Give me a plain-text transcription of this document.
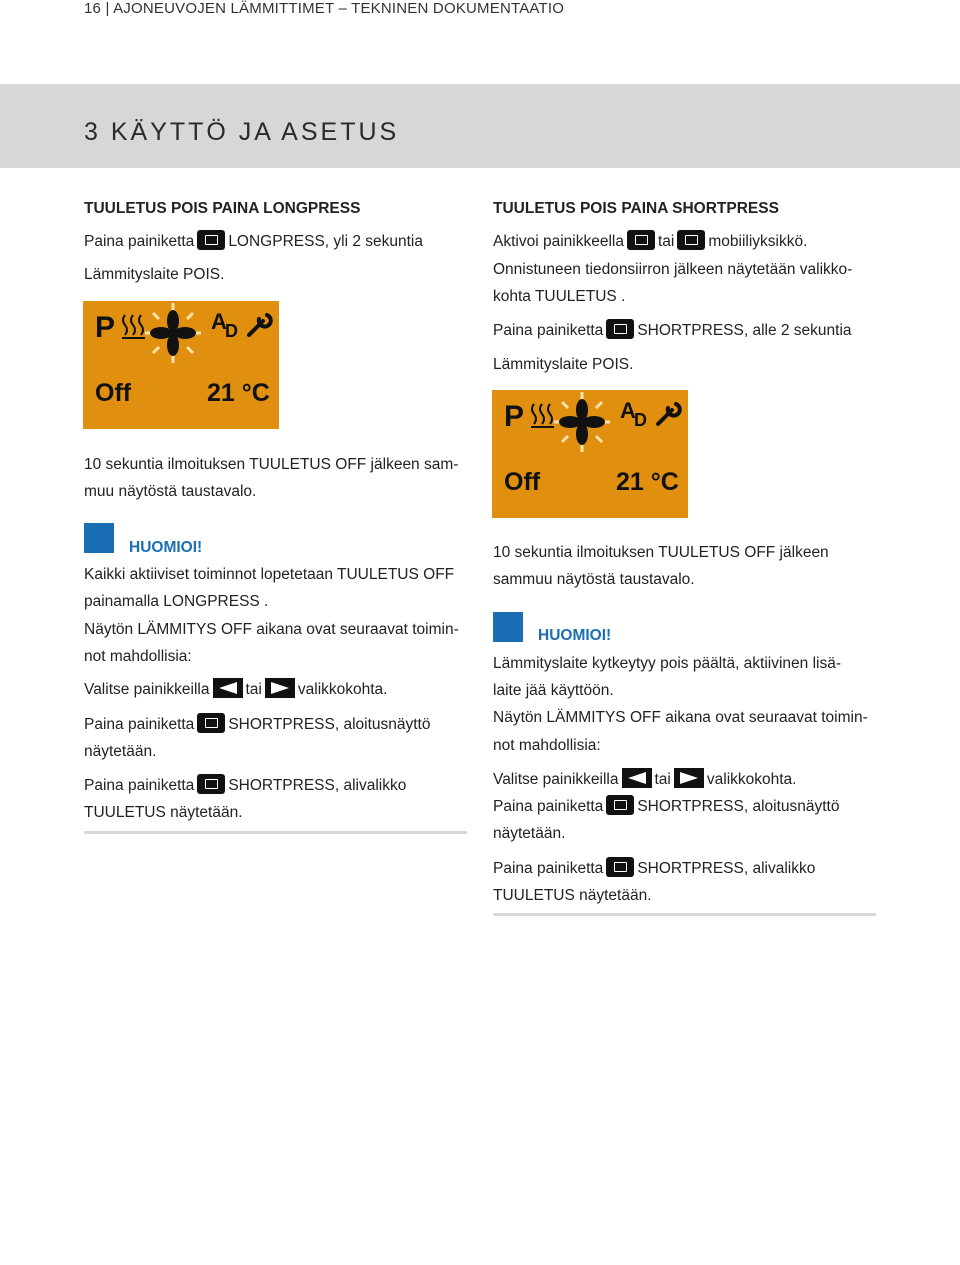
16 | AJONEUVOJEN LÄMMITTIMET – TEKNINEN DOKUMENTAATIO
3 KÄYTTÖ JA ASETUS
TUULETUS POIS PAINA LONGPRESS
Paina painiketta LONGPRESS, yli 2 sekuntia
Lämmityslaite POIS.
P	A
D
Off	21 °C
10 sekuntia ilmoituksen TUULETUS OFF jälkeen sam-
muu näytöstä taustavalo.
HUOMIOI!
Kaikki aktiiviset toiminnot lopetetaan TUULETUS OFF
painamalla LONGPRESS .
Näytön LÄMMITYS OFF aikana ovat seuraavat toimin-
not mahdollisia:
Valitse painikkeilla tai valikkokohta.
Paina painiketta SHORTPRESS, aloitusnäyttö
näytetään.
Paina painiketta SHORTPRESS, alivalikko
TUULETUS näytetään.
TUULETUS POIS PAINA SHORTPRESS
Aktivoi painikkeella tai mobiiliyksikkö.
Onnistuneen tiedonsiirron jälkeen näytetään valikko-
kohta TUULETUS .
Paina painiketta SHORTPRESS, alle 2 sekuntia
Lämmityslaite POIS.
P	A
D
Off	21 °C
10 sekuntia ilmoituksen TUULETUS OFF jälkeen
sammuu näytöstä taustavalo.
HUOMIOI!
Lämmityslaite kytkeytyy pois päältä, aktiivinen lisä-
laite jää käyttöön.
Näytön LÄMMITYS OFF aikana ovat seuraavat toimin-
not mahdollisia:
Valitse painikkeilla tai valikkokohta.
Paina painiketta SHORTPRESS, aloitusnäyttö
näytetään.
Paina painiketta SHORTPRESS, alivalikko
TUULETUS näytetään.
